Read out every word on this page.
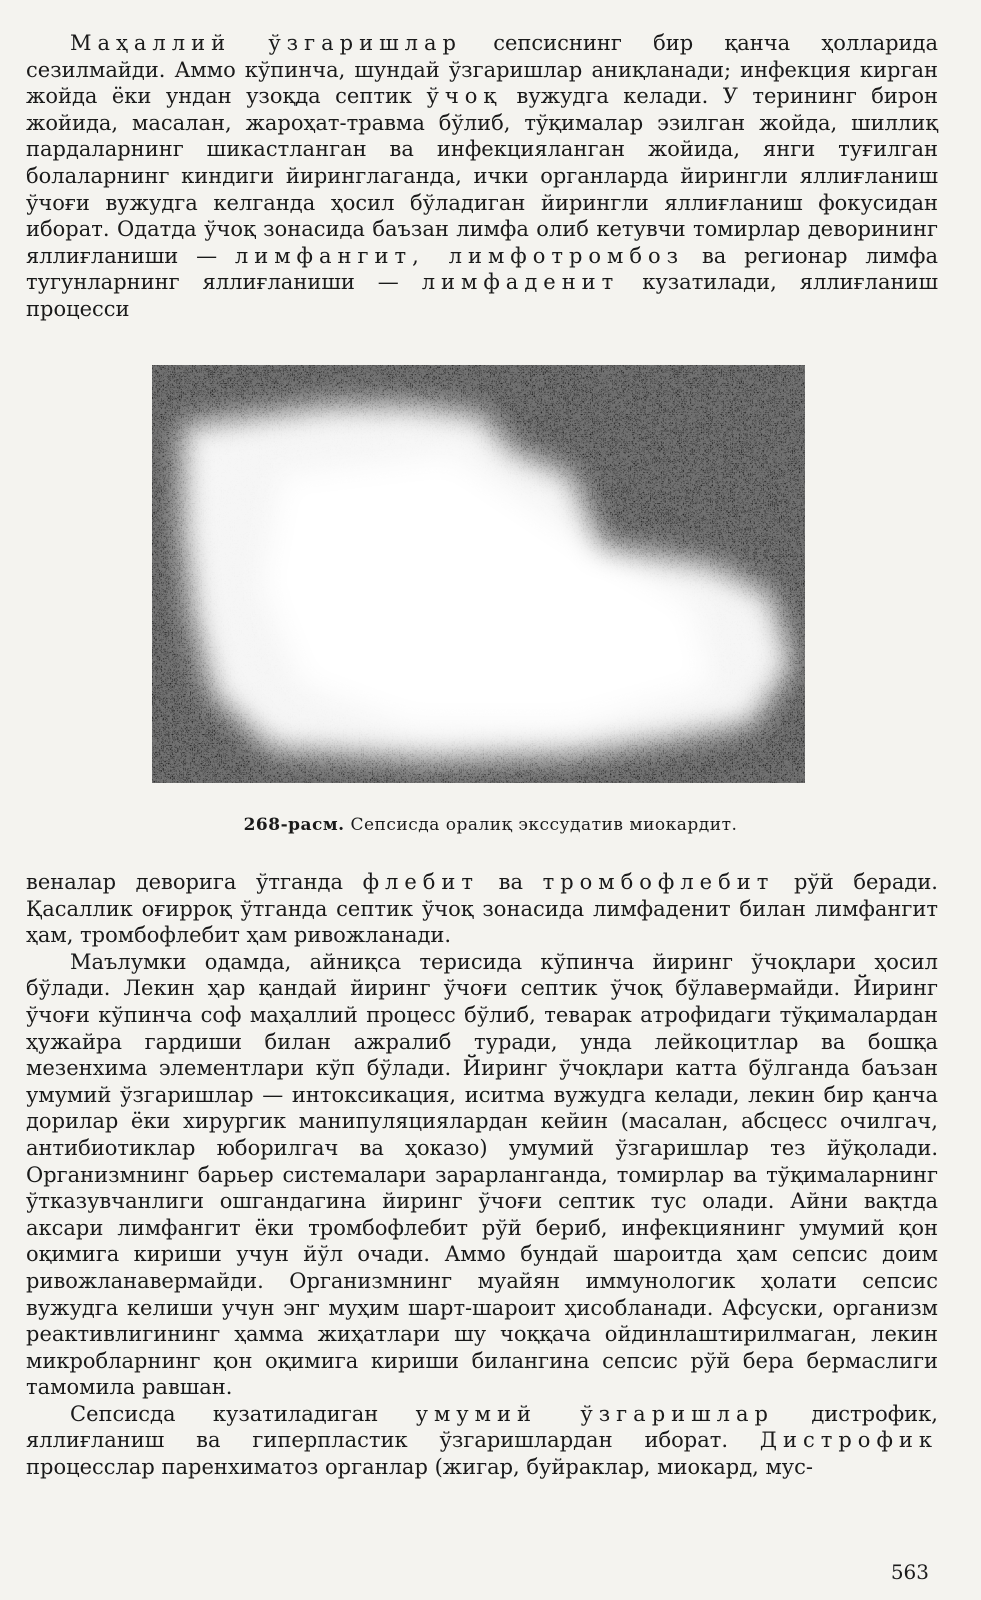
Маҳаллий ўзгаришлар сепсиснинг бир қанча ҳолларида сезилмайди. Аммо кўпинча, шундай ўзгаришлар аниқланади; инфекция кирган жойда ёки ундан узоқда септик ўчоқ вужудга келади. У терининг бирон жойида, масалан, жароҳат-травма бўлиб, тўқималар эзилган жойда, шиллиқ пардаларнинг шикастланган ва инфекцияланган жойида, янги туғилган болаларнинг киндиги йиринглаганда, ички органларда йирингли яллиғланиш ўчоғи вужудга келганда ҳосил бўладиган йирингли яллиғланиш фокусидан иборат. Одатда ўчоқ зонасида баъзан лимфа олиб кетувчи томирлар деворининг яллиғланиши — лимфангит, лимфотромбоз ва регионар лимфа тугунларнинг яллиғланиши — лимфаденит кузатилади, яллиғланиш процесси

268-расм. Сепсисда оралиқ экссудатив миокардит.

веналар деворига ўтганда флебит ва тромбофлебит рўй беради. Қасаллик оғирроқ ўтганда септик ўчоқ зонасида лимфаденит билан лимфангит ҳам, тромбофлебит ҳам ривожланади.

Маълумки одамда, айниқса терисида кўпинча йиринг ўчоқлари ҳосил бўлади. Лекин ҳар қандай йиринг ўчоғи септик ўчоқ бўлавермайди. Йиринг ўчоғи кўпинча соф маҳаллий процесс бўлиб, теварак атрофидаги тўқималардан ҳужайра гардиши билан ажралиб туради, унда лейкоцитлар ва бошқа мезенхима элементлари кўп бўлади. Йиринг ўчоқлари катта бўлганда баъзан умумий ўзгаришлар — интоксикация, иситма вужудга келади, лекин бир қанча дорилар ёки хирургик манипуляциялардан кейин (масалан, абсцесс очилгач, антибиотиклар юборилгач ва ҳоказо) умумий ўзгаришлар тез йўқолади. Организмнинг барьер системалари зарарланганда, томирлар ва тўқималарнинг ўтказувчанлиги ошгандагина йиринг ўчоғи септик тус олади. Айни вақтда аксари лимфангит ёки тромбофлебит рўй бериб, инфекциянинг умумий қон оқимига кириши учун йўл очади. Аммо бундай шароитда ҳам сепсис доим ривожланавермайди. Организмнинг муайян иммунологик ҳолати сепсис вужудга келиши учун энг муҳим шарт-шароит ҳисобланади. Афсуски, организм реактивлигининг ҳамма жиҳатлари шу чоққача ойдинлаштирилмаган, лекин микробларнинг қон оқимига кириши билангина сепсис рўй бера бермаслиги тамомила равшан.

Сепсисда кузатиладиган умумий ўзгаришлар дистрофик, яллиғланиш ва гиперпластик ўзгаришлардан иборат. Дистрофик процесслар паренхиматоз органлар (жигар, буйраклар, миокард, мус-

563
